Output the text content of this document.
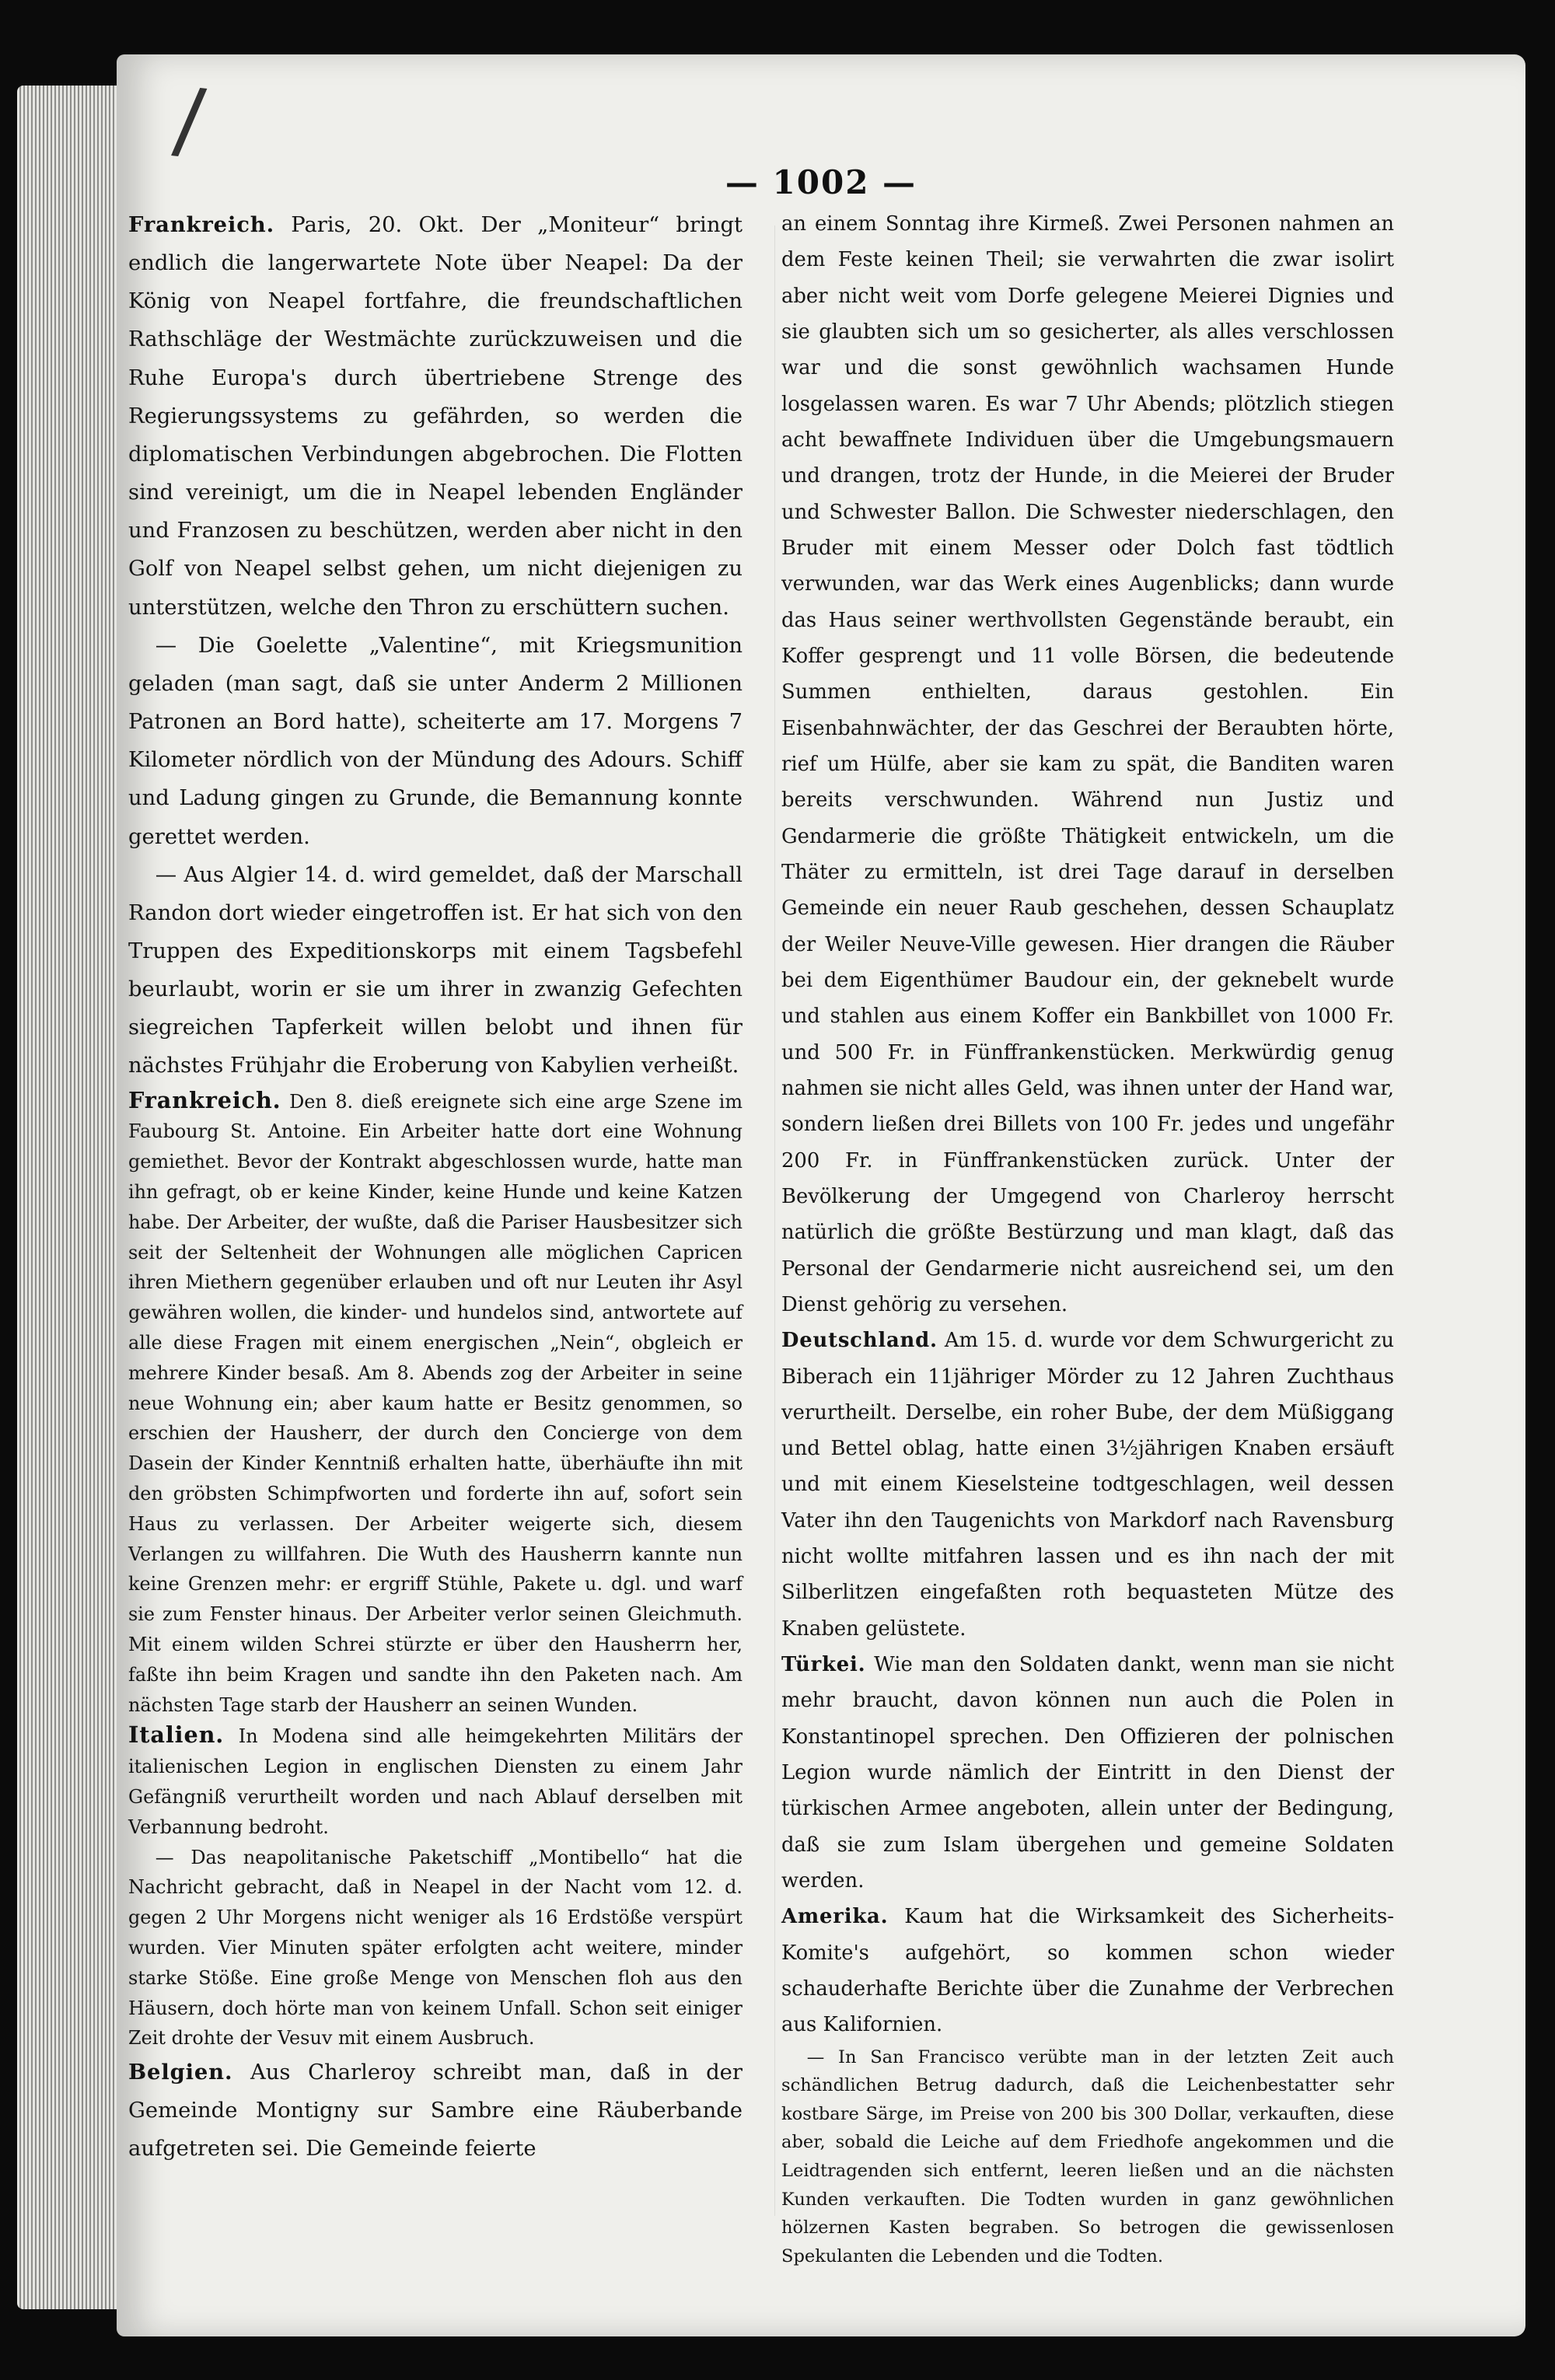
/
— 1002 —

Frankreich. Paris, 20. Okt. Der „Moniteur“ bringt endlich die langerwartete Note über Neapel: Da der König von Neapel fortfahre, die freundschaftlichen Rathschläge der Westmächte zurückzuweisen und die Ruhe Europa's durch übertriebene Strenge des Regierungssystems zu gefährden, so werden die diplomatischen Verbindungen abgebrochen. Die Flotten sind vereinigt, um die in Neapel lebenden Engländer und Franzosen zu beschützen, werden aber nicht in den Golf von Neapel selbst gehen, um nicht diejenigen zu unterstützen, welche den Thron zu erschüttern suchen.

— Die Goelette „Valentine“, mit Kriegsmunition geladen (man sagt, daß sie unter Anderm 2 Millionen Patronen an Bord hatte), scheiterte am 17. Morgens 7 Kilometer nördlich von der Mündung des Adours. Schiff und Ladung gingen zu Grunde, die Bemannung konnte gerettet werden.

— Aus Algier 14. d. wird gemeldet, daß der Marschall Randon dort wieder eingetroffen ist. Er hat sich von den Truppen des Expeditionskorps mit einem Tagsbefehl beurlaubt, worin er sie um ihrer in zwanzig Gefechten siegreichen Tapferkeit willen belobt und ihnen für nächstes Frühjahr die Eroberung von Kabylien verheißt.

Frankreich. Den 8. dieß ereignete sich eine arge Szene im Faubourg St. Antoine. Ein Arbeiter hatte dort eine Wohnung gemiethet. Bevor der Kontrakt abgeschlossen wurde, hatte man ihn gefragt, ob er keine Kinder, keine Hunde und keine Katzen habe. Der Arbeiter, der wußte, daß die Pariser Hausbesitzer sich seit der Seltenheit der Wohnungen alle möglichen Capricen ihren Miethern gegenüber erlauben und oft nur Leuten ihr Asyl gewähren wollen, die kinder- und hundelos sind, antwortete auf alle diese Fragen mit einem energischen „Nein“, obgleich er mehrere Kinder besaß. Am 8. Abends zog der Arbeiter in seine neue Wohnung ein; aber kaum hatte er Besitz genommen, so erschien der Hausherr, der durch den Concierge von dem Dasein der Kinder Kenntniß erhalten hatte, überhäufte ihn mit den gröbsten Schimpfworten und forderte ihn auf, sofort sein Haus zu verlassen. Der Arbeiter weigerte sich, diesem Verlangen zu willfahren. Die Wuth des Hausherrn kannte nun keine Grenzen mehr: er ergriff Stühle, Pakete u. dgl. und warf sie zum Fenster hinaus. Der Arbeiter verlor seinen Gleichmuth. Mit einem wilden Schrei stürzte er über den Hausherrn her, faßte ihn beim Kragen und sandte ihn den Paketen nach. Am nächsten Tage starb der Hausherr an seinen Wunden.

Italien. In Modena sind alle heimgekehrten Militärs der italienischen Legion in englischen Diensten zu einem Jahr Gefängniß verurtheilt worden und nach Ablauf derselben mit Verbannung bedroht.

— Das neapolitanische Paketschiff „Montibello“ hat die Nachricht gebracht, daß in Neapel in der Nacht vom 12. d. gegen 2 Uhr Morgens nicht weniger als 16 Erdstöße verspürt wurden. Vier Minuten später erfolgten acht weitere, minder starke Stöße. Eine große Menge von Menschen floh aus den Häusern, doch hörte man von keinem Unfall. Schon seit einiger Zeit drohte der Vesuv mit einem Ausbruch.

Belgien. Aus Charleroy schreibt man, daß in der Gemeinde Montigny sur Sambre eine Räuberbande aufgetreten sei. Die Gemeinde feierte

an einem Sonntag ihre Kirmeß. Zwei Personen nahmen an dem Feste keinen Theil; sie verwahrten die zwar isolirt aber nicht weit vom Dorfe gelegene Meierei Dignies und sie glaubten sich um so gesicherter, als alles verschlossen war und die sonst gewöhnlich wachsamen Hunde losgelassen waren. Es war 7 Uhr Abends; plötzlich stiegen acht bewaffnete Individuen über die Umgebungsmauern und drangen, trotz der Hunde, in die Meierei der Bruder und Schwester Ballon. Die Schwester niederschlagen, den Bruder mit einem Messer oder Dolch fast tödtlich verwunden, war das Werk eines Augenblicks; dann wurde das Haus seiner werthvollsten Gegenstände beraubt, ein Koffer gesprengt und 11 volle Börsen, die bedeutende Summen enthielten, daraus gestohlen. Ein Eisenbahnwächter, der das Geschrei der Beraubten hörte, rief um Hülfe, aber sie kam zu spät, die Banditen waren bereits verschwunden. Während nun Justiz und Gendarmerie die größte Thätigkeit entwickeln, um die Thäter zu ermitteln, ist drei Tage darauf in derselben Gemeinde ein neuer Raub geschehen, dessen Schauplatz der Weiler Neuve-Ville gewesen. Hier drangen die Räuber bei dem Eigenthümer Baudour ein, der geknebelt wurde und stahlen aus einem Koffer ein Bankbillet von 1000 Fr. und 500 Fr. in Fünffrankenstücken. Merkwürdig genug nahmen sie nicht alles Geld, was ihnen unter der Hand war, sondern ließen drei Billets von 100 Fr. jedes und ungefähr 200 Fr. in Fünffrankenstücken zurück. Unter der Bevölkerung der Umgegend von Charleroy herrscht natürlich die größte Bestürzung und man klagt, daß das Personal der Gendarmerie nicht ausreichend sei, um den Dienst gehörig zu versehen.

Deutschland. Am 15. d. wurde vor dem Schwurgericht zu Biberach ein 11jähriger Mörder zu 12 Jahren Zuchthaus verurtheilt. Derselbe, ein roher Bube, der dem Müßiggang und Bettel oblag, hatte einen 3½jährigen Knaben ersäuft und mit einem Kieselsteine todtgeschlagen, weil dessen Vater ihn den Taugenichts von Markdorf nach Ravensburg nicht wollte mitfahren lassen und es ihn nach der mit Silberlitzen eingefaßten roth bequasteten Mütze des Knaben gelüstete.

Türkei. Wie man den Soldaten dankt, wenn man sie nicht mehr braucht, davon können nun auch die Polen in Konstantinopel sprechen. Den Offizieren der polnischen Legion wurde nämlich der Eintritt in den Dienst der türkischen Armee angeboten, allein unter der Bedingung, daß sie zum Islam übergehen und gemeine Soldaten werden.

Amerika. Kaum hat die Wirksamkeit des Sicherheits-Komite's aufgehört, so kommen schon wieder schauderhafte Berichte über die Zunahme der Verbrechen aus Kalifornien.

— In San Francisco verübte man in der letzten Zeit auch schändlichen Betrug dadurch, daß die Leichenbestatter sehr kostbare Särge, im Preise von 200 bis 300 Dollar, verkauften, diese aber, sobald die Leiche auf dem Friedhofe angekommen und die Leidtragenden sich entfernt, leeren ließen und an die nächsten Kunden verkauften. Die Todten wurden in ganz gewöhnlichen hölzernen Kasten begraben. So betrogen die gewissenlosen Spekulanten die Lebenden und die Todten.
